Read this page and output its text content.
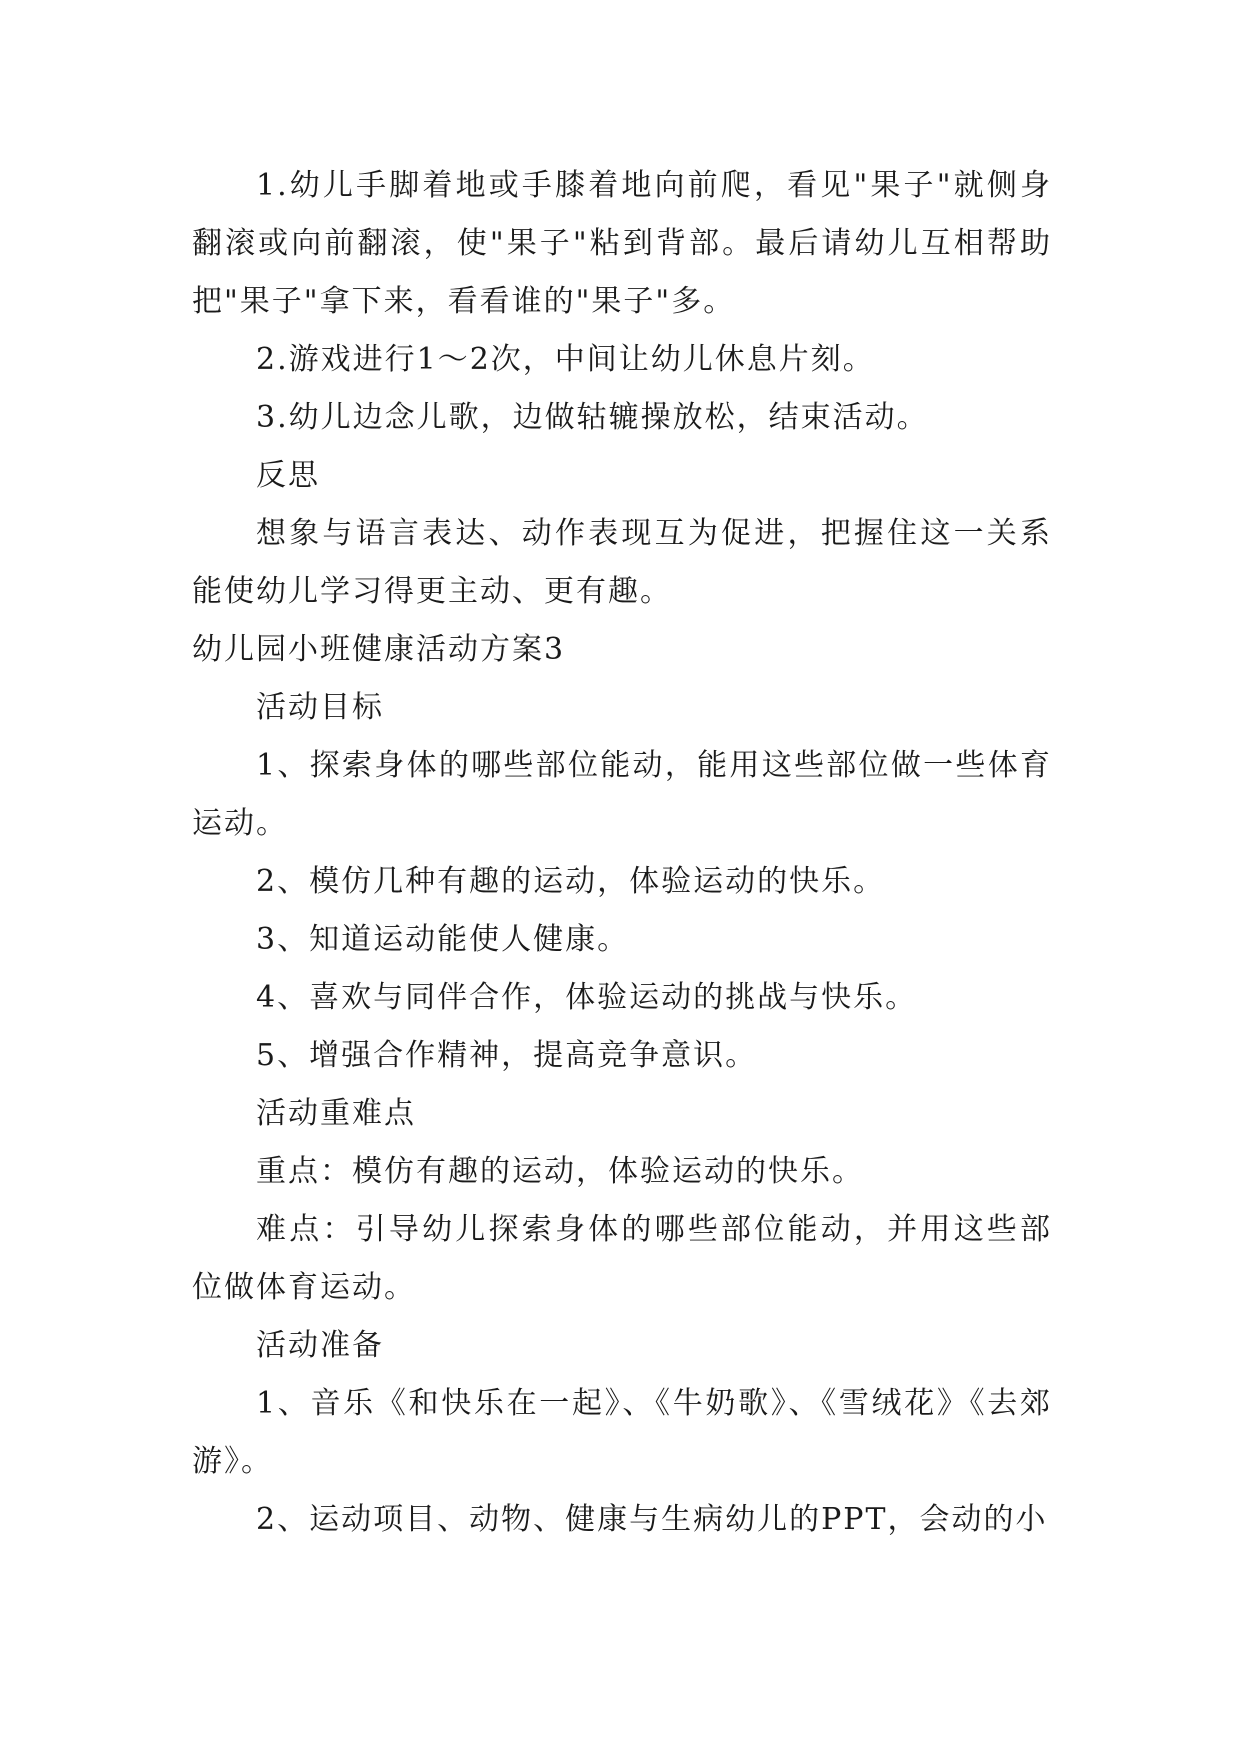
1.幼儿手脚着地或手膝着地向前爬，看见"果子"就侧身翻滚或向前翻滚，使"果子"粘到背部。最后请幼儿互相帮助把"果子"拿下来，看看谁的"果子"多。

2.游戏进行1～2次，中间让幼儿休息片刻。

3.幼儿边念儿歌，边做轱辘操放松，结束活动。

反思

想象与语言表达、动作表现互为促进，把握住这一关系能使幼儿学习得更主动、更有趣。

幼儿园小班健康活动方案3

活动目标

1、探索身体的哪些部位能动，能用这些部位做一些体育运动。

2、模仿几种有趣的运动，体验运动的快乐。

3、知道运动能使人健康。

4、喜欢与同伴合作，体验运动的挑战与快乐。

5、增强合作精神，提高竞争意识。

活动重难点

重点：模仿有趣的运动，体验运动的快乐。

难点：引导幼儿探索身体的哪些部位能动，并用这些部位做体育运动。

活动准备

1、音乐《和快乐在一起》、《牛奶歌》、《雪绒花》《去郊游》。

2、运动项目、动物、健康与生病幼儿的PPT，会动的小
